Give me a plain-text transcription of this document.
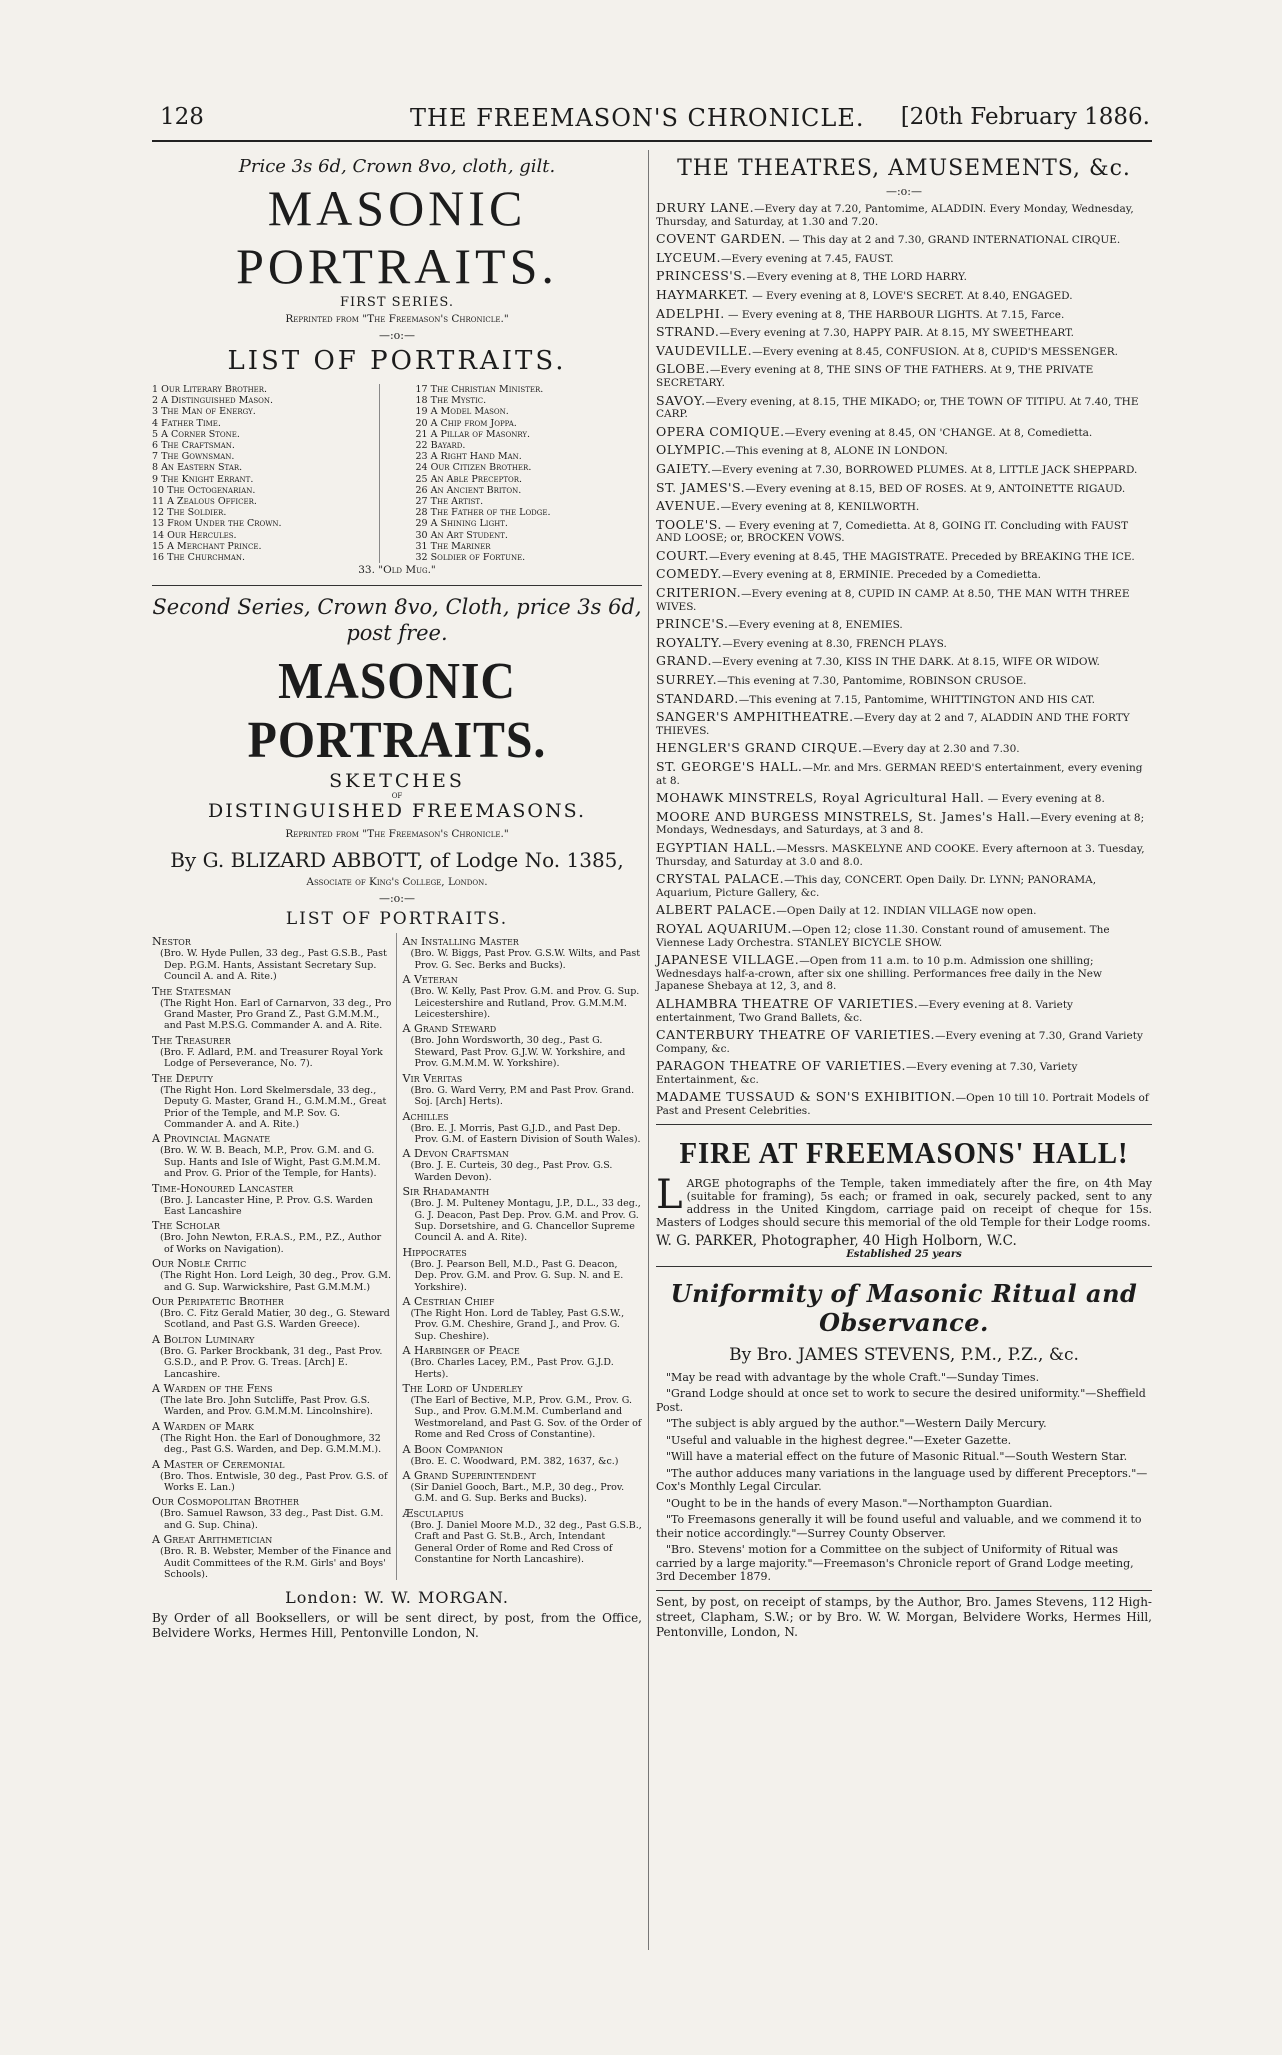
128	THE FREEMASON'S CHRONICLE. [20th February 1886.
Price 3s 6d, Crown 8vo, cloth, gilt.
MASONIC PORTRAITS.
FIRST SERIES.
Reprinted from "The Freemason's Chronicle."
—:o:—
LIST OF PORTRAITS.
1 Our Literary Brother.
2 A Distinguished Mason.
3 The Man of Energy.
4 Father Time.
5 A Corner Stone.
6 The Craftsman.
7 The Gownsman.
8 An Eastern Star.
9 The Knight Errant.
10 The Octogenarian.
11 A Zealous Officer.
12 The Soldier.
13 From Under the Crown.
14 Our Hercules.
15 A Merchant Prince.
16 The Churchman.
17 The Christian Minister.
18 The Mystic.
19 A Model Mason.
20 A Chip from Joppa.
21 A Pillar of Masonry.
22 Bayard.
23 A Right Hand Man.
24 Our Citizen Brother.
25 An Able Preceptor.
26 An Ancient Briton.
27 The Artist.
28 The Father of the Lodge.
29 A Shining Light.
30 An Art Student.
31 The Mariner
32 Soldier of Fortune.
33. "Old Mug."
Second Series, Crown 8vo, Cloth, price 3s 6d, post free.
MASONIC PORTRAITS.
SKETCHES
OF
DISTINGUISHED FREEMASONS.
Reprinted from "The Freemason's Chronicle."
By G. BLIZARD ABBOTT, of Lodge No. 1385,
Associate of King's College, London.
—:o:—
LIST OF PORTRAITS.
Nestor
(Bro. W. Hyde Pullen, 33 deg., Past G.S.B., Past Dep. P.G.M. Hants, Assistant Secretary Sup. Council A. and A. Rite.)
The Statesman
(The Right Hon. Earl of Carnarvon, 33 deg., Pro Grand Master, Pro Grand Z., Past G.M.M.M., and Past M.P.S.G. Commander A. and A. Rite.
The Treasurer
(Bro. F. Adlard, P.M. and Treasurer Royal York Lodge of Perseverance, No. 7).
The Deputy
(The Right Hon. Lord Skelmersdale, 33 deg., Deputy G. Master, Grand H., G.M.M.M., Great Prior of the Temple, and M.P. Sov. G. Commander A. and A. Rite.)
A Provincial Magnate
(Bro. W. W. B. Beach, M.P., Prov. G.M. and G. Sup. Hants and Isle of Wight, Past G.M.M.M. and Prov. G. Prior of the Temple, for Hants).
Time-Honoured Lancaster
(Bro. J. Lancaster Hine, P. Prov. G.S. Warden East Lancashire
The Scholar
(Bro. John Newton, F.R.A.S., P.M., P.Z., Author of Works on Navigation).
Our Noble Critic
(The Right Hon. Lord Leigh, 30 deg., Prov. G.M. and G. Sup. Warwickshire, Past G.M.M.M.)
Our Peripatetic Brother
(Bro. C. Fitz Gerald Matier, 30 deg., G. Steward Scotland, and Past G.S. Warden Greece).
A Bolton Luminary
(Bro. G. Parker Brockbank, 31 deg., Past Prov. G.S.D., and P. Prov. G. Treas. [Arch] E. Lancashire.
A Warden of the Fens
(The late Bro. John Sutcliffe, Past Prov. G.S. Warden, and Prov. G.M.M.M. Lincolnshire).
A Warden of Mark
(The Right Hon. the Earl of Donoughmore, 32 deg., Past G.S. Warden, and Dep. G.M.M.M.).
A Master of Ceremonial
(Bro. Thos. Entwisle, 30 deg., Past Prov. G.S. of Works E. Lan.)
Our Cosmopolitan Brother
(Bro. Samuel Rawson, 33 deg., Past Dist. G.M. and G. Sup. China).
A Great Arithmetician
(Bro. R. B. Webster, Member of the Finance and Audit Committees of the R.M. Girls' and Boys' Schools).
An Installing Master
(Bro. W. Biggs, Past Prov. G.S.W. Wilts, and Past Prov. G. Sec. Berks and Bucks).
A Veteran
(Bro. W. Kelly, Past Prov. G.M. and Prov. G. Sup. Leicestershire and Rutland, Prov. G.M.M.M. Leicestershire).
A Grand Steward
(Bro. John Wordsworth, 30 deg., Past G. Steward, Past Prov. G.J.W. W. Yorkshire, and Prov. G.M.M.M. W. Yorkshire).
Vir Veritas
(Bro. G. Ward Verry, P.M and Past Prov. Grand. Soj. [Arch] Herts).
Achilles
(Bro. E. J. Morris, Past G.J.D., and Past Dep. Prov. G.M. of Eastern Division of South Wales).
A Devon Craftsman
(Bro. J. E. Curteis, 30 deg., Past Prov. G.S. Warden Devon).
Sir Rhadamanth
(Bro. J. M. Pulteney Montagu, J.P., D.L., 33 deg., G. J. Deacon, Past Dep. Prov. G.M. and Prov. G. Sup. Dorsetshire, and G. Chancellor Supreme Council A. and A. Rite).
Hippocrates
(Bro. J. Pearson Bell, M.D., Past G. Deacon, Dep. Prov. G.M. and Prov. G. Sup. N. and E. Yorkshire).
A Cestrian Chief
(The Right Hon. Lord de Tabley, Past G.S.W., Prov. G.M. Cheshire, Grand J., and Prov. G. Sup. Cheshire).
A Harbinger of Peace
(Bro. Charles Lacey, P.M., Past Prov. G.J.D. Herts).
The Lord of Underley
(The Earl of Bective, M.P., Prov. G.M., Prov. G. Sup., and Prov. G.M.M.M. Cumberland and Westmoreland, and Past G. Sov. of the Order of Rome and Red Cross of Constantine).
A Boon Companion
(Bro. E. C. Woodward, P.M. 382, 1637, &c.)
A Grand Superintendent
(Sir Daniel Gooch, Bart., M.P., 30 deg., Prov. G.M. and G. Sup. Berks and Bucks).
Æsculapius
(Bro. J. Daniel Moore M.D., 32 deg., Past G.S.B., Craft and Past G. St.B., Arch, Intendant General Order of Rome and Red Cross of Constantine for North Lancashire).
London: W. W. MORGAN.
By Order of all Booksellers, or will be sent direct, by post, from the Office, Belvidere Works, Hermes Hill, Pentonville London, N.
THE THEATRES, AMUSEMENTS, &c.
—:o:—
DRURY LANE.—Every day at 7.20, Pantomime, ALADDIN. Every Monday, Wednesday, Thursday, and Saturday, at 1.30 and 7.20.
COVENT GARDEN. — This day at 2 and 7.30, GRAND INTERNATIONAL CIRQUE.
LYCEUM.—Every evening at 7.45, FAUST.
PRINCESS'S.—Every evening at 8, THE LORD HARRY.
HAYMARKET. — Every evening at 8, LOVE'S SECRET. At 8.40, ENGAGED.
ADELPHI. — Every evening at 8, THE HARBOUR LIGHTS. At 7.15, Farce.
STRAND.—Every evening at 7.30, HAPPY PAIR. At 8.15, MY SWEETHEART.
VAUDEVILLE.—Every evening at 8.45, CONFUSION. At 8, CUPID'S MESSENGER.
GLOBE.—Every evening at 8, THE SINS OF THE FATHERS. At 9, THE PRIVATE SECRETARY.
SAVOY.—Every evening, at 8.15, THE MIKADO; or, THE TOWN OF TITIPU. At 7.40, THE CARP.
OPERA COMIQUE.—Every evening at 8.45, ON 'CHANGE. At 8, Comedietta.
OLYMPIC.—This evening at 8, ALONE IN LONDON.
GAIETY.—Every evening at 7.30, BORROWED PLUMES. At 8, LITTLE JACK SHEPPARD.
ST. JAMES'S.—Every evening at 8.15, BED OF ROSES. At 9, ANTOINETTE RIGAUD.
AVENUE.—Every evening at 8, KENILWORTH.
TOOLE'S. — Every evening at 7, Comedietta. At 8, GOING IT. Concluding with FAUST AND LOOSE; or, BROCKEN VOWS.
COURT.—Every evening at 8.45, THE MAGISTRATE. Preceded by BREAKING THE ICE.
COMEDY.—Every evening at 8, ERMINIE. Preceded by a Comedietta.
CRITERION.—Every evening at 8, CUPID IN CAMP. At 8.50, THE MAN WITH THREE WIVES.
PRINCE'S.—Every evening at 8, ENEMIES.
ROYALTY.—Every evening at 8.30, FRENCH PLAYS.
GRAND.—Every evening at 7.30, KISS IN THE DARK. At 8.15, WIFE OR WIDOW.
SURREY.—This evening at 7.30, Pantomime, ROBINSON CRUSOE.
STANDARD.—This evening at 7.15, Pantomime, WHITTINGTON AND HIS CAT.
SANGER'S AMPHITHEATRE.—Every day at 2 and 7, ALADDIN AND THE FORTY THIEVES.
HENGLER'S GRAND CIRQUE.—Every day at 2.30 and 7.30.
ST. GEORGE'S HALL.—Mr. and Mrs. GERMAN REED'S entertainment, every evening at 8.
MOHAWK MINSTRELS, Royal Agricultural Hall. — Every evening at 8.
MOORE AND BURGESS MINSTRELS, St. James's Hall.—Every evening at 8; Mondays, Wednesdays, and Saturdays, at 3 and 8.
EGYPTIAN HALL.—Messrs. MASKELYNE AND COOKE. Every afternoon at 3. Tuesday, Thursday, and Saturday at 3.0 and 8.0.
CRYSTAL PALACE.—This day, CONCERT. Open Daily. Dr. LYNN; PANORAMA, Aquarium, Picture Gallery, &c.
ALBERT PALACE.—Open Daily at 12. INDIAN VILLAGE now open.
ROYAL AQUARIUM.—Open 12; close 11.30. Constant round of amusement. The Viennese Lady Orchestra. STANLEY BICYCLE SHOW.
JAPANESE VILLAGE.—Open from 11 a.m. to 10 p.m. Admission one shilling; Wednesdays half-a-crown, after six one shilling. Performances free daily in the New Japanese Shebaya at 12, 3, and 8.
ALHAMBRA THEATRE OF VARIETIES.—Every evening at 8. Variety entertainment, Two Grand Ballets, &c.
CANTERBURY THEATRE OF VARIETIES.—Every evening at 7.30, Grand Variety Company, &c.
PARAGON THEATRE OF VARIETIES.—Every evening at 7.30, Variety Entertainment, &c.
MADAME TUSSAUD & SON'S EXHIBITION.—Open 10 till 10. Portrait Models of Past and Present Celebrities.
FIRE AT FREEMASONS' HALL!
LARGE photographs of the Temple, taken immediately after the fire, on 4th May (suitable for framing), 5s each; or framed in oak, securely packed, sent to any address in the United Kingdom, carriage paid on receipt of cheque for 15s. Masters of Lodges should secure this memorial of the old Temple for their Lodge rooms.
W. G. PARKER, Photographer, 40 High Holborn, W.C.
Established 25 years
Uniformity of Masonic Ritual and Observance.
By Bro. JAMES STEVENS, P.M., P.Z., &c.
"May be read with advantage by the whole Craft."—Sunday Times.
"Grand Lodge should at once set to work to secure the desired uniformity."—Sheffield Post.
"The subject is ably argued by the author."—Western Daily Mercury.
"Useful and valuable in the highest degree."—Exeter Gazette.
"Will have a material effect on the future of Masonic Ritual."—South Western Star.
"The author adduces many variations in the language used by different Preceptors."—Cox's Monthly Legal Circular.
"Ought to be in the hands of every Mason."—Northampton Guardian.
"To Freemasons generally it will be found useful and valuable, and we commend it to their notice accordingly."—Surrey County Observer.
"Bro. Stevens' motion for a Committee on the subject of Uniformity of Ritual was carried by a large majority."—Freemason's Chronicle report of Grand Lodge meeting, 3rd December 1879.
Sent, by post, on receipt of stamps, by the Author, Bro. James Stevens, 112 High-street, Clapham, S.W.; or by Bro. W. W. Morgan, Belvidere Works, Hermes Hill, Pentonville, London, N.
